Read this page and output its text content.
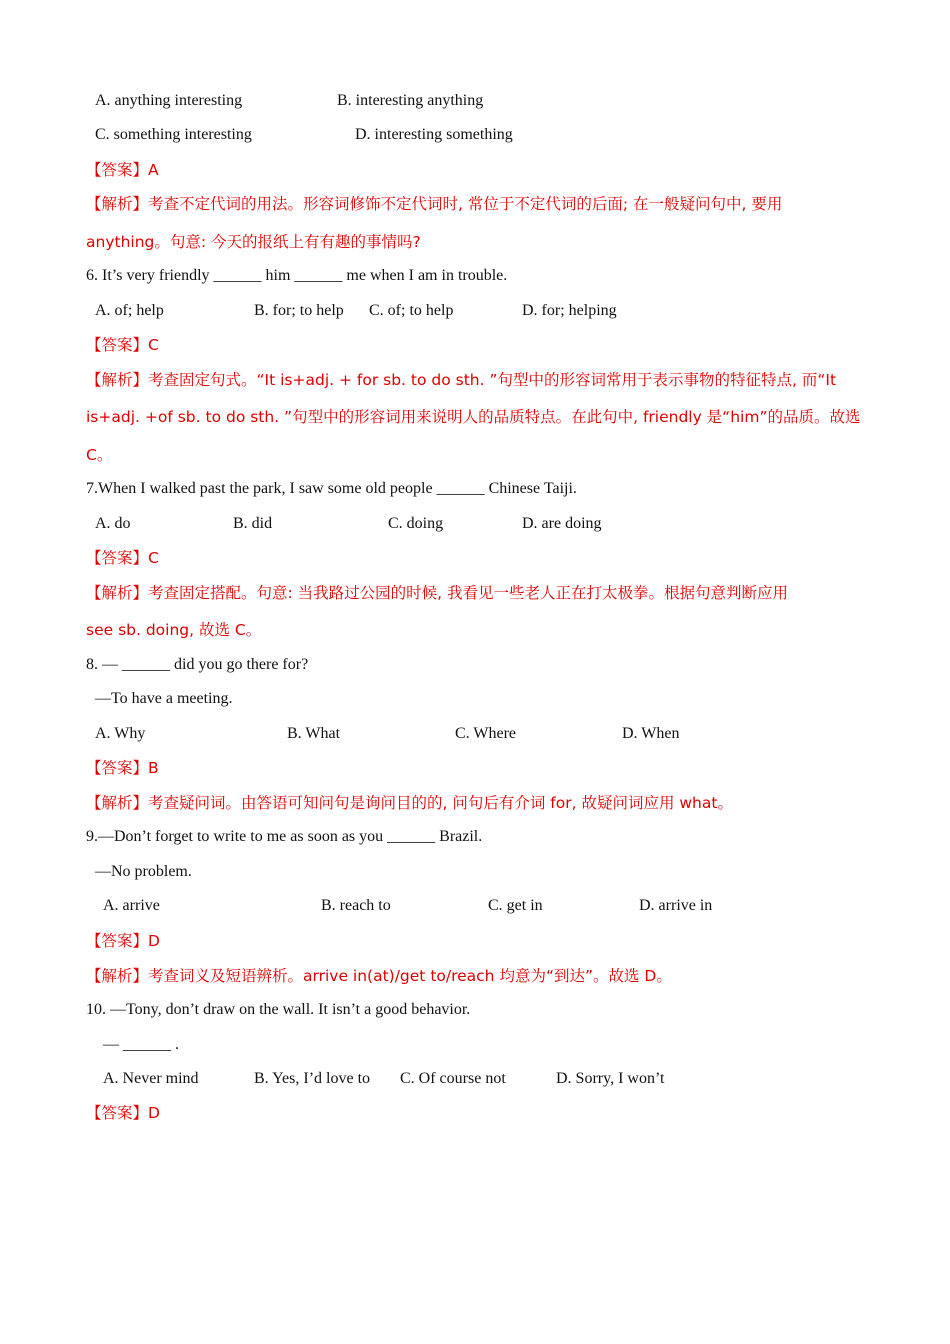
A. anything interesting	B. interesting anything
C. something interesting	D. interesting something
【答案】A
【解析】考查不定代词的用法。形容词修饰不定代词时, 常位于不定代词的后面; 在一般疑问句中, 要用
anything。句意: 今天的报纸上有有趣的事情吗?
6. It’s very friendly ______ him ______ me when I am in trouble.
A. of; help	B. for; to help C. of; to help	D. for; helping
【答案】C
【解析】考查固定句式。“It is+adj. + for sb. to do sth. ”句型中的形容词常用于表示事物的特征特点, 而“It
is+adj. +of sb. to do sth. ”句型中的形容词用来说明人的品质特点。在此句中, friendly 是“him”的品质。故选
C。
7.When I walked past the park, I saw some old people ______ Chinese Taiji.
A. do	B. did	C. doing	D. are doing
【答案】C
【解析】考查固定搭配。句意: 当我路过公园的时候, 我看见一些老人正在打太极拳。根据句意判断应用
see sb. doing, 故选 C。
8. — ______ did you go there for?
—To have a meeting.
A. Why	B. What	C. Where	D. When
【答案】B
【解析】考查疑问词。由答语可知问句是询问目的的, 问句后有介词 for, 故疑问词应用 what。
9.—Don’t forget to write to me as soon as you ______ Brazil.
—No problem.
A. arrive	B. reach to	C. get in	D. arrive in
【答案】D
【解析】考查词义及短语辨析。arrive in(at)/get to/reach 均意为“到达”。故选 D。
10. —Tony, don’t draw on the wall. It isn’t a good behavior.
— ______ .
A. Never mind	B. Yes, I’d love to C. Of course not	D. Sorry, I won’t
【答案】D
